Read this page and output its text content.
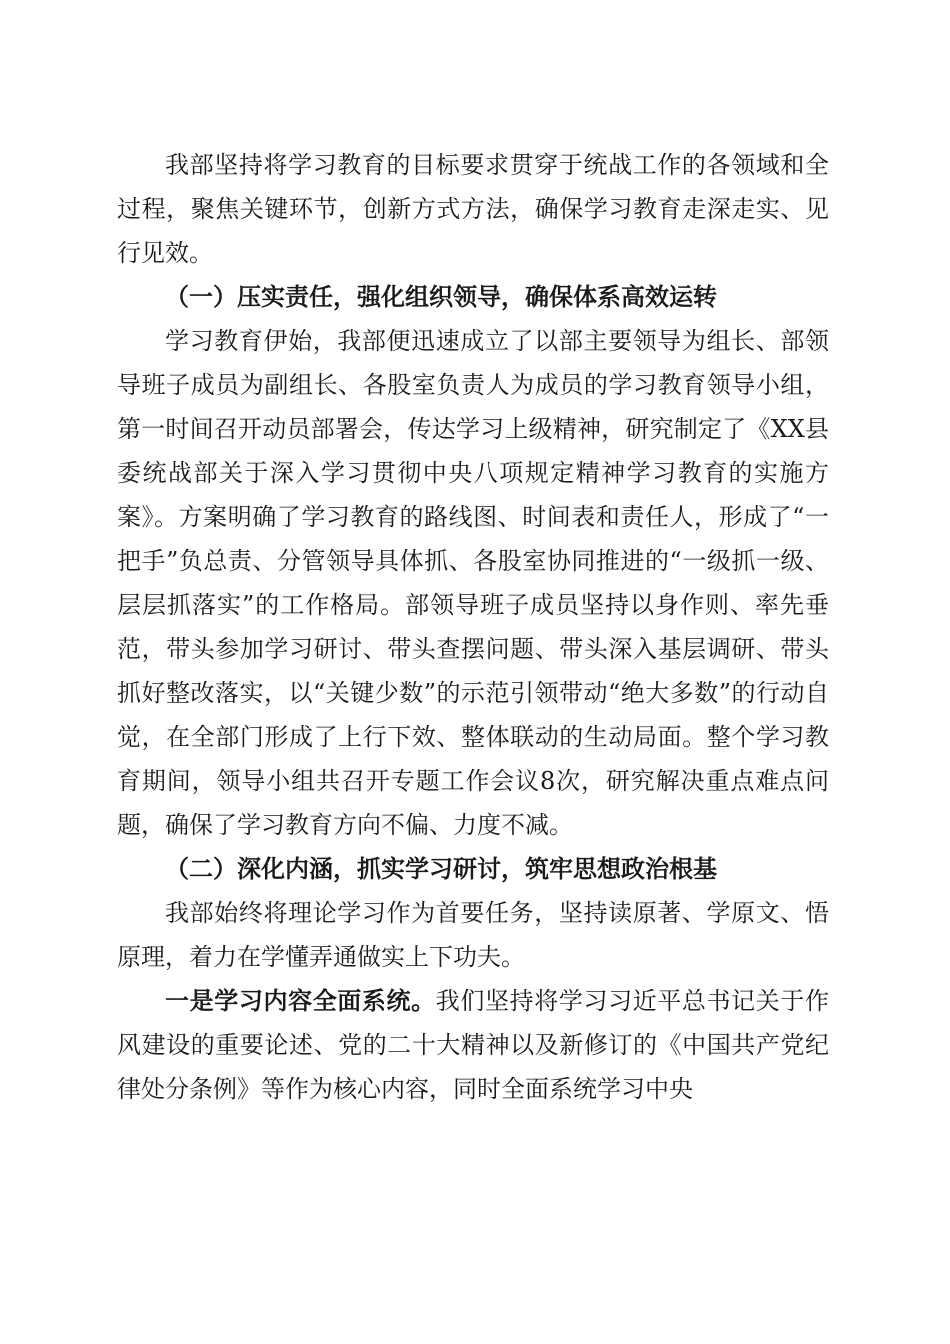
我部坚持将学习教育的目标要求贯穿于统战工作的各领域和全过程，聚焦关键环节，创新方式方法，确保学习教育走深走实、见行见效。

（一）压实责任，强化组织领导，确保体系高效运转

学习教育伊始，我部便迅速成立了以部主要领导为组长、部领导班子成员为副组长、各股室负责人为成员的学习教育领导小组，第一时间召开动员部署会，传达学习上级精神，研究制定了《XX县委统战部关于深入学习贯彻中央八项规定精神学习教育的实施方案》。方案明确了学习教育的路线图、时间表和责任人，形成了“一把手”负总责、分管领导具体抓、各股室协同推进的“一级抓一级、层层抓落实”的工作格局。部领导班子成员坚持以身作则、率先垂范，带头参加学习研讨、带头查摆问题、带头深入基层调研、带头抓好整改落实，以“关键少数”的示范引领带动“绝大多数”的行动自觉，在全部门形成了上行下效、整体联动的生动局面。整个学习教育期间，领导小组共召开专题工作会议8次，研究解决重点难点问题，确保了学习教育方向不偏、力度不减。

（二）深化内涵，抓实学习研讨，筑牢思想政治根基

我部始终将理论学习作为首要任务，坚持读原著、学原文、悟原理，着力在学懂弄通做实上下功夫。

一是学习内容全面系统。我们坚持将学习习近平总书记关于作风建设的重要论述、党的二十大精神以及新修订的《中国共产党纪律处分条例》等作为核心内容，同时全面系统学习中央
